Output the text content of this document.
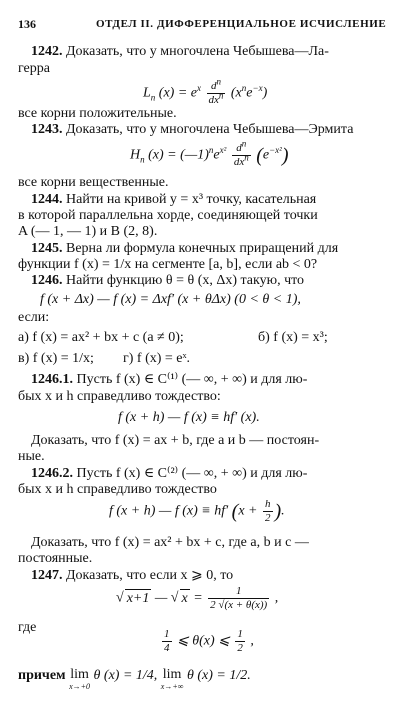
136	ОТДЕЛ II. ДИФФЕРЕНЦИАЛЬНОЕ ИСЧИСЛЕНИЕ
1242. Доказать, что у многочлена Чебышева—Ла-
герра
$L_n$ $(x) = e^x \frac{d^n}{dx^n} (x^ne^{-x})$
все корни положительные.
1243. Доказать, что у многочлена Чебышева—Эрмита
$H_n$ $(x) = (—1)^ne^{x^2} \frac{d^n}{dx^n} (e^{-x^2})$
все корни вещественные.
1244. Найти на кривой y = x³ точку, касательная
в которой параллельна хорде, соединяющей точки
A (— 1, — 1) и B (2, 8).
1245. Верна ли формула конечных приращений для
функции f (x) = 1/x на сегменте [a, b], если ab < 0?
1246. Найти функцию θ = θ (x, Δx) такую, что
f (x + Δx) — f (x) = Δxf′ (x + θΔx) (0 < θ < 1),
если:
а) f (x) = ax² + bx + c (a ≠ 0);	б) f (x) = x³;
в) f (x) = 1/x; г) f (x) = eˣ.
1246.1. Пусть f (x) ∈ C⁽¹⁾ (— ∞, + ∞) и для лю-
бых x и h справедливо тождество:
f (x + h) — f (x) ≡ hf′ (x).
Доказать, что f (x) = ax + b, где a и b — постоян-
ные.
1246.2. Пусть f (x) ∈ C⁽²⁾ (— ∞, + ∞) и для лю-
бых x и h справедливо тождество
f (x + h) — f (x) ≡ hf′ ($x + \frac{h}{2}$ ).
Доказать, что f (x) = ax² + bx + c, где a, b и c —
постоянные.
1247. Доказать, что если x ⩾ 0, то
√ x+1 — √ $x = \frac{1}{2 √(x + \theta(x))}$ ,
где
$\frac{1}{4}$ ⩽ θ(x) ⩽ $\frac{1}{2}$ ,
причем lim
x→+0
θ (x) = 1/4, lim
x→+∞
θ (x) = 1/2.
